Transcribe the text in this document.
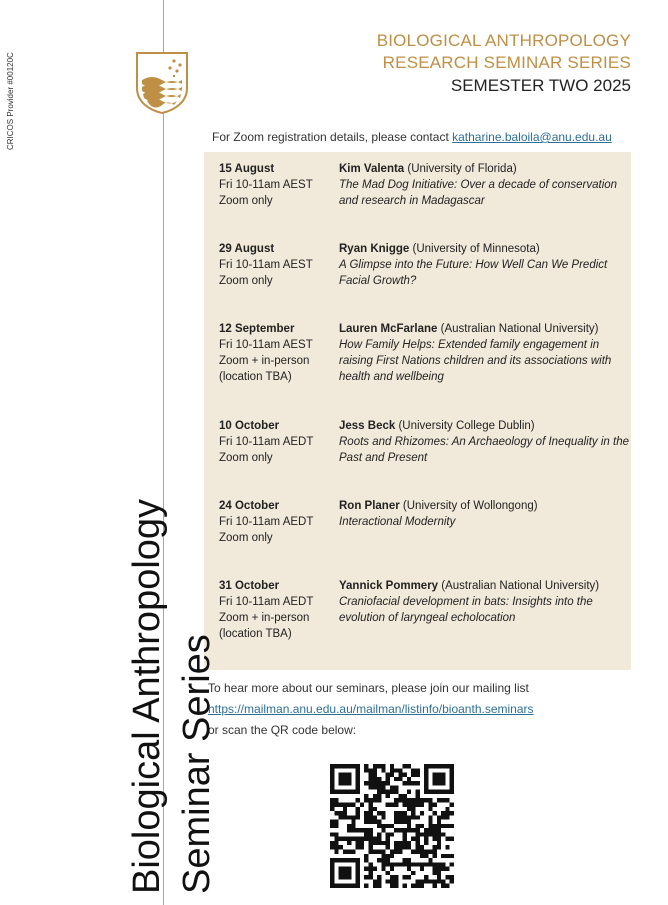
CRICOS Provider #00120C
BIOLOGICAL ANTHROPOLOGY
RESEARCH SEMINAR SERIES
SEMESTER TWO 2025
For Zoom registration details, please contact katharine.baloila@anu.edu.au
15 August
Fri 10-11am AEST
Zoom only
Kim Valenta (University of Florida)
The Mad Dog Initiative: Over a decade of conservation and research in Madagascar
29 August
Fri 10-11am AEST
Zoom only
Ryan Knigge (University of Minnesota)
A Glimpse into the Future: How Well Can We Predict Facial Growth?
12 September
Fri 10-11am AEST
Zoom + in-person
(location TBA)
Lauren McFarlane (Australian National University)
How Family Helps: Extended family engagement in raising First Nations children and its associations with health and wellbeing
10 October
Fri 10-11am AEDT
Zoom only
Jess Beck (University College Dublin)
Roots and Rhizomes: An Archaeology of Inequality in the Past and Present
24 October
Fri 10-11am AEDT
Zoom only
Ron Planer (University of Wollongong)
Interactional Modernity
31 October
Fri 10-11am AEDT
Zoom + in-person
(location TBA)
Yannick Pommery (Australian National University)
Craniofacial development in bats: Insights into the evolution of laryngeal echolocation
To hear more about our seminars, please join our mailing list
https://mailman.anu.edu.au/mailman/listinfo/bioanth.seminars
or scan the QR code below:
Biological Anthropology Seminar Series
